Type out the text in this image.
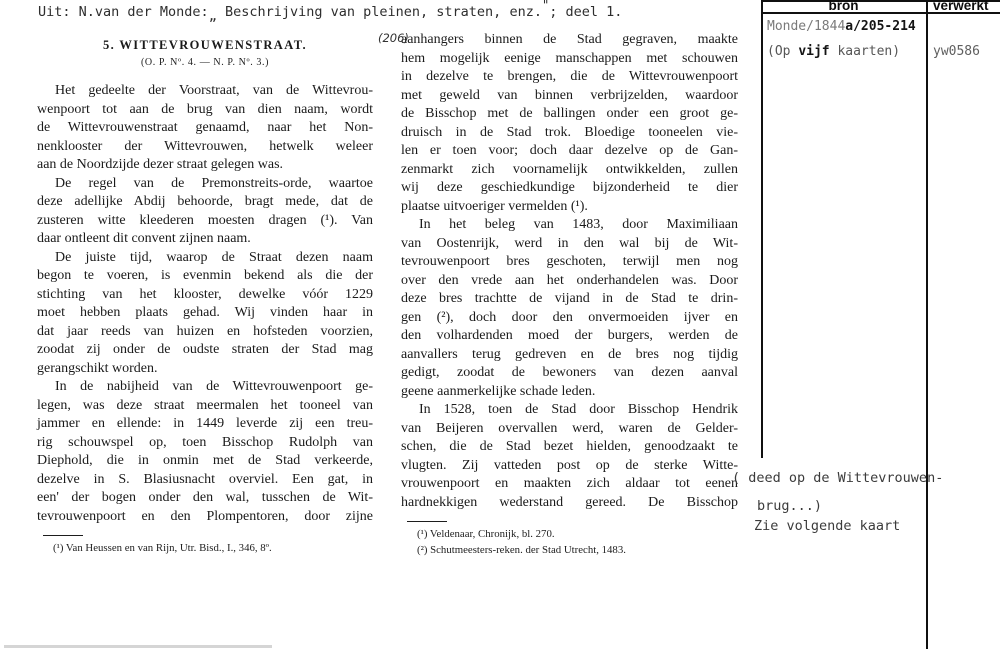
Uit: N.van der Monde:„ Beschrijving van pleinen, straten, enz."; deel 1.
5. WITTEVROUWENSTRAAT.
(O. P. Nº. 4. — N. P. Nº. 3.)
Het gedeelte der Voorstraat, van de Wittevrou-
wenpoort tot aan de brug van dien naam, wordt
de Wittevrouwenstraat genaamd, naar het Non-
nenklooster der Wittevrouwen, hetwelk weleer
aan de Noordzijde dezer straat gelegen was.
De regel van de Premonstreits-orde, waartoe
deze adellijke Abdij behoorde, bragt mede, dat de
zusteren witte kleederen moesten dragen (¹). Van
daar ontleent dit convent zijnen naam.
De juiste tijd, waarop de Straat dezen naam
begon te voeren, is evenmin bekend als die der
stichting van het klooster, dewelke vóór 1229
moet hebben plaats gehad. Wij vinden haar in
dat jaar reeds van huizen en hofsteden voorzien,
zoodat zij onder de oudste straten der Stad mag
gerangschikt worden.
In de nabijheid van de Wittevrouwenpoort ge-
legen, was deze straat meermalen het tooneel van
jammer en ellende: in 1449 leverde zij een treu-
rig schouwspel op, toen Bisschop Rudolph van
Diephold, die in onmin met de Stad verkeerde,
dezelve in S. Blasiusnacht overviel. Een gat, in
een' der bogen onder den wal, tusschen de Wit-
tevrouwenpoort en den Plompentoren, door zijne
(¹) Van Heussen en van Rijn, Utr. Bisd., I., 346, 8º.
(206)
aanhangers binnen de Stad gegraven, maakte
hem mogelijk eenige manschappen met schouwen
in dezelve te brengen, die de Wittevrouwenpoort
met geweld van binnen verbrijzelden, waardoor
de Bisschop met de ballingen onder een groot ge-
druisch in de Stad trok. Bloedige tooneelen vie-
len er toen voor; doch daar dezelve op de Gan-
zenmarkt zich voornamelijk ontwikkelden, zullen
wij deze geschiedkundige bijzonderheid te dier
plaatse uitvoeriger vermelden (¹).
In het beleg van 1483, door Maximiliaan
van Oostenrijk, werd in den wal bij de Wit-
tevrouwenpoort bres geschoten, terwijl men nog
over den vrede aan het onderhandelen was. Door
deze bres trachtte de vijand in de Stad te drin-
gen (²), doch door den onvermoeiden ijver en
den volhardenden moed der burgers, werden de
aanvallers terug gedreven en de bres nog tijdig
gedigt, zoodat de bewoners van dezen aanval
geene aanmerkelijke schade leden.
In 1528, toen de Stad door Bisschop Hendrik
van Beijeren overvallen werd, waren de Gelder-
schen, die de Stad bezet hielden, genoodzaakt te
vlugten. Zij vatteden post op de sterke Witte-
vrouwenpoort en maakten zich aldaar tot eenen
hardnekkigen wederstand gereed. De Bisschop
(¹) Veldenaar, Chronijk, bl. 270.
(²) Schutmeesters-reken. der Stad Utrecht, 1483.
bron	verwerkt
Monde/1844a/205-214
(Op vijf kaarten)	yw0586
( deed op de Wittevrouwen-
brug...)
Zie volgende kaart
